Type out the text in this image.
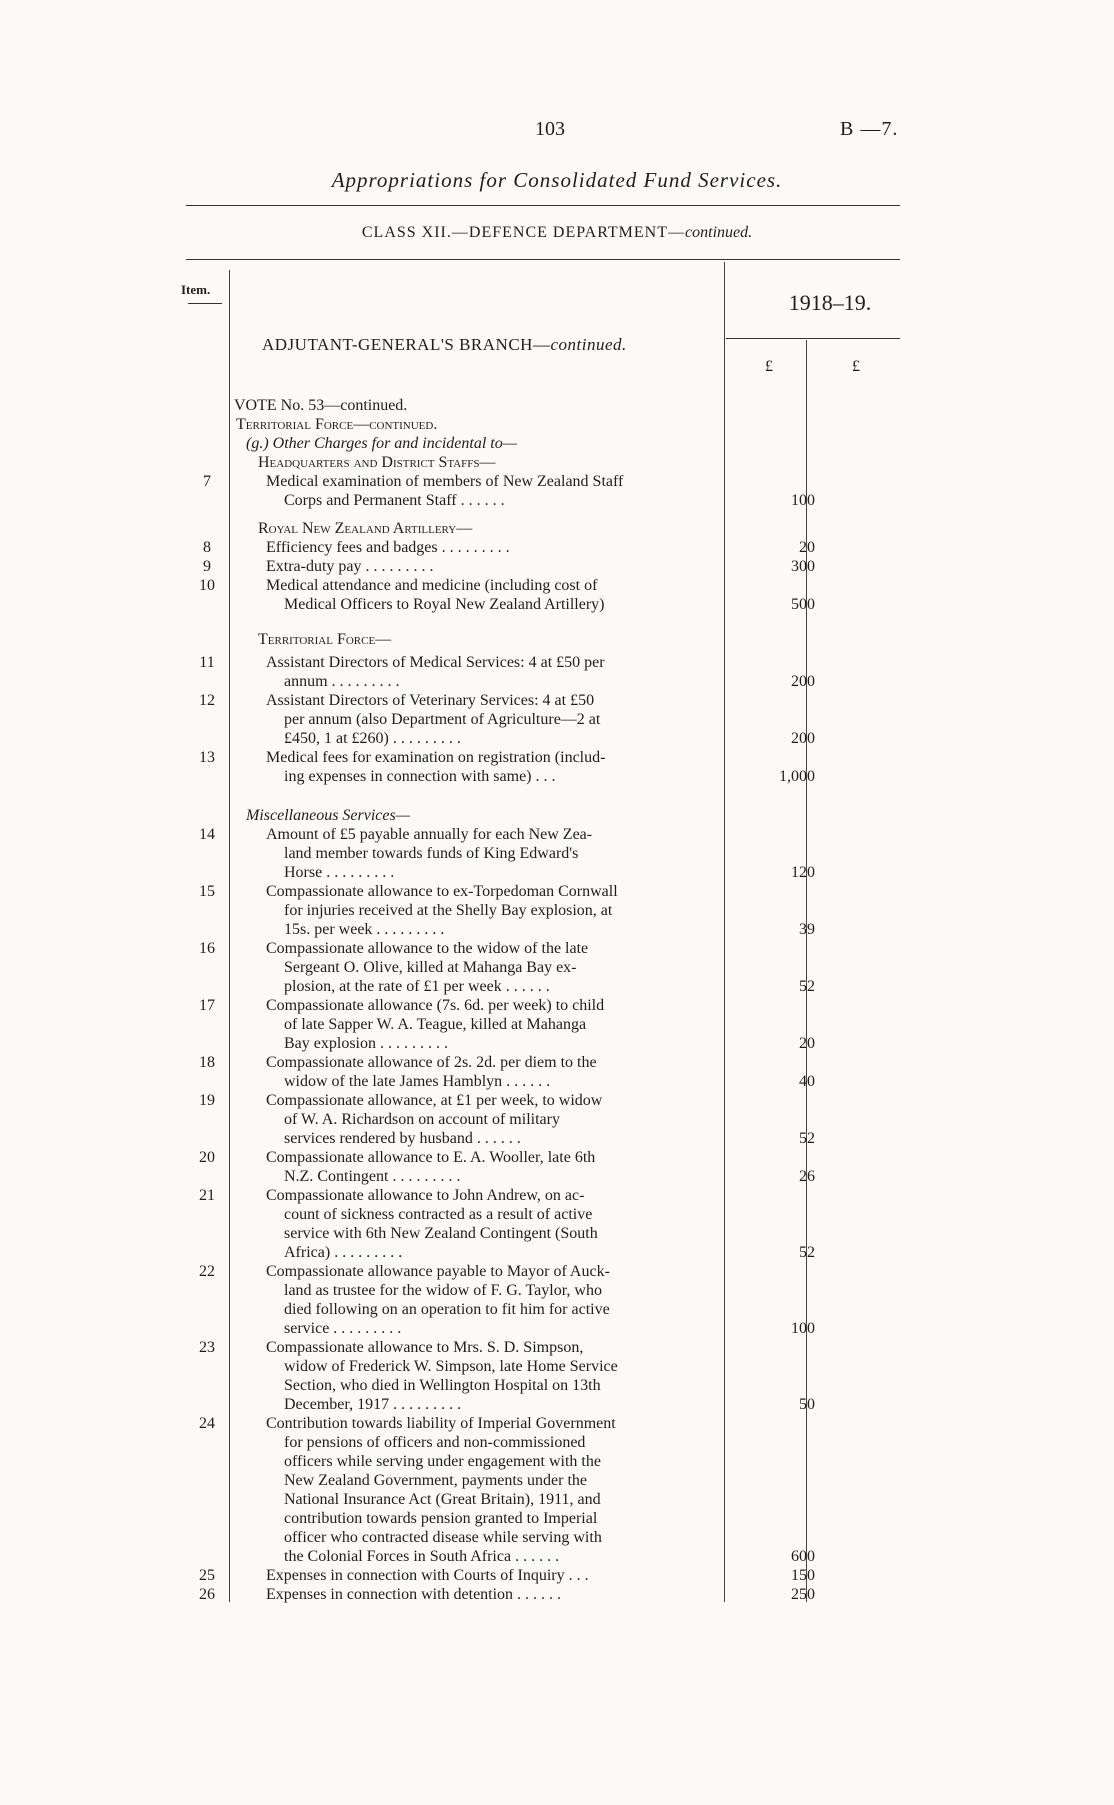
103	B —7.
Appropriations for Consolidated Fund Services.
CLASS XII.—DEFENCE DEPARTMENT—continued.
Item.
1918–19.
ADJUTANT-GENERAL'S BRANCH—continued.
£	£
VOTE No. 53—continued.
Territorial Force—continued.
(g.) Other Charges for and incidental to—
Headquarters and District Staffs—
7	Medical examination of members of New Zealand Staff
Corps and Permanent Staff . . . . . .	100
Royal New Zealand Artillery—
8	Efficiency fees and badges . . . . . . . . .	20
9	Extra-duty pay . . . . . . . . .	300
10	Medical attendance and medicine (including cost of
Medical Officers to Royal New Zealand Artillery)	500
Territorial Force—
11	Assistant Directors of Medical Services: 4 at £50 per
annum . . . . . . . . .	200
12	Assistant Directors of Veterinary Services: 4 at £50
per annum (also Department of Agriculture—2 at
£450, 1 at £260) . . . . . . . . .	200
13	Medical fees for examination on registration (includ-
ing expenses in connection with same) . . .	1,000
Miscellaneous Services—
14	Amount of £5 payable annually for each New Zea-
land member towards funds of King Edward's
Horse . . . . . . . . .	120
15	Compassionate allowance to ex-Torpedoman Cornwall
for injuries received at the Shelly Bay explosion, at
15s. per week . . . . . . . . .	39
16	Compassionate allowance to the widow of the late
Sergeant O. Olive, killed at Mahanga Bay ex-
plosion, at the rate of £1 per week . . . . . .	52
17	Compassionate allowance (7s. 6d. per week) to child
of late Sapper W. A. Teague, killed at Mahanga
Bay explosion . . . . . . . . .	20
18	Compassionate allowance of 2s. 2d. per diem to the
widow of the late James Hamblyn . . . . . .	40
19	Compassionate allowance, at £1 per week, to widow
of W. A. Richardson on account of military
services rendered by husband . . . . . .	52
20	Compassionate allowance to E. A. Wooller, late 6th
N.Z. Contingent . . . . . . . . .	26
21	Compassionate allowance to John Andrew, on ac-
count of sickness contracted as a result of active
service with 6th New Zealand Contingent (South
Africa) . . . . . . . . .	52
22	Compassionate allowance payable to Mayor of Auck-
land as trustee for the widow of F. G. Taylor, who
died following on an operation to fit him for active
service . . . . . . . . .	100
23	Compassionate allowance to Mrs. S. D. Simpson,
widow of Frederick W. Simpson, late Home Service
Section, who died in Wellington Hospital on 13th
December, 1917 . . . . . . . . .	50
24	Contribution towards liability of Imperial Government
for pensions of officers and non-commissioned
officers while serving under engagement with the
New Zealand Government, payments under the
National Insurance Act (Great Britain), 1911, and
contribution towards pension granted to Imperial
officer who contracted disease while serving with
the Colonial Forces in South Africa . . . . . .	600
25	Expenses in connection with Courts of Inquiry . . .	150
26	Expenses in connection with detention . . . . . .	250
